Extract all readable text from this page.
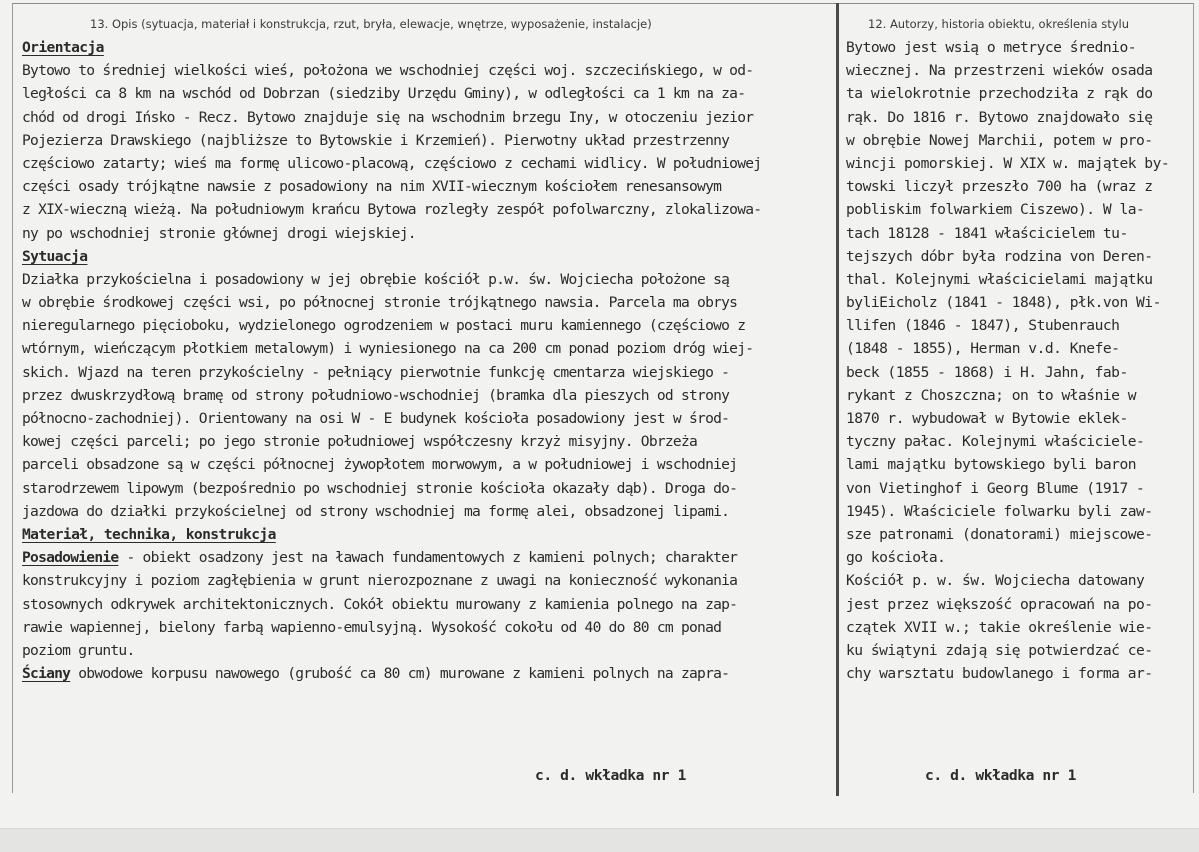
13. Opis (sytuacja, materiał i konstrukcja, rzut, bryła, elewacje, wnętrze, wyposażenie, instalacje)	12. Autorzy, historia obiektu, określenia stylu
Orientacja
Bytowo to średniej wielkości wieś, położona we wschodniej części woj. szczecińskiego, w od-
ległości ca 8 km na wschód od Dobrzan (siedziby Urzędu Gminy), w odległości ca 1 km na za-
chód od drogi Ińsko - Recz. Bytowo znajduje się na wschodnim brzegu Iny, w otoczeniu jezior
Pojezierza Drawskiego (najbliższe to Bytowskie i Krzemień). Pierwotny układ przestrzenny
częściowo zatarty; wieś ma formę ulicowo-placową, częściowo z cechami widlicy. W południowej
części osady trójkątne nawsie z posadowiony na nim XVII-wiecznym kościołem renesansowym
z XIX-wieczną wieżą. Na południowym krańcu Bytowa rozległy zespół pofolwarczny, zlokalizowa-
ny po wschodniej stronie głównej drogi wiejskiej.
Sytuacja
Działka przykościelna i posadowiony w jej obrębie kościół p.w. św. Wojciecha położone są
w obrębie środkowej części wsi, po północnej stronie trójkątnego nawsia. Parcela ma obrys
nieregularnego pięcioboku, wydzielonego ogrodzeniem w postaci muru kamiennego (częściowo z
wtórnym, wieńczącym płotkiem metalowym) i wyniesionego na ca 200 cm ponad poziom dróg wiej-
skich. Wjazd na teren przykościelny - pełniący pierwotnie funkcję cmentarza wiejskiego -
przez dwuskrzydłową bramę od strony południowo-wschodniej (bramka dla pieszych od strony
północno-zachodniej). Orientowany na osi W - E budynek kościoła posadowiony jest w środ-
kowej części parceli; po jego stronie południowej współczesny krzyż misyjny. Obrzeża
parceli obsadzone są w części północnej żywopłotem morwowym, a w południowej i wschodniej
starodrzewem lipowym (bezpośrednio po wschodniej stronie kościoła okazały dąb). Droga do-
jazdowa do działki przykościelnej od strony wschodniej ma formę alei, obsadzonej lipami.
Materiał, technika, konstrukcja
Posadowienie - obiekt osadzony jest na ławach fundamentowych z kamieni polnych; charakter
konstrukcyjny i poziom zagłębienia w grunt nierozpoznane z uwagi na konieczność wykonania
stosownych odkrywek architektonicznych. Cokół obiektu murowany z kamienia polnego na zap-
rawie wapiennej, bielony farbą wapienno-emulsyjną. Wysokość cokołu od 40 do 80 cm ponad
poziom gruntu.
Ściany obwodowe korpusu nawowego (grubość ca 80 cm) murowane z kamieni polnych na zapra-
Bytowo jest wsią o metryce średnio-
wiecznej. Na przestrzeni wieków osada
ta wielokrotnie przechodziła z rąk do
rąk. Do 1816 r. Bytowo znajdowało się
w obrębie Nowej Marchii, potem w pro-
wincji pomorskiej. W XIX w. majątek by-
towski liczył przeszło 700 ha (wraz z
pobliskim folwarkiem Ciszewo). W la-
tach 18128 - 1841 właścicielem tu-
tejszych dóbr była rodzina von Deren-
thal. Kolejnymi właścicielami majątku
byliEicholz (1841 - 1848), płk.von Wi-
llifen (1846 - 1847), Stubenrauch
(1848 - 1855), Herman v.d. Knefe-
beck (1855 - 1868) i H. Jahn, fab-
rykant z Choszczna; on to właśnie w
1870 r. wybudował w Bytowie eklek-
tyczny pałac. Kolejnymi właściciele-
lami majątku bytowskiego byli baron
von Vietinghof i Georg Blume (1917 -
1945). Właściciele folwarku byli zaw-
sze patronami (donatorami) miejscowe-
go kościoła.
Kościół p. w. św. Wojciecha datowany
jest przez większość opracowań na po-
czątek XVII w.; takie określenie wie-
ku świątyni zdają się potwierdzać ce-
chy warsztatu budowlanego i forma ar-
c. d. wkładka nr 1	c. d. wkładka nr 1
